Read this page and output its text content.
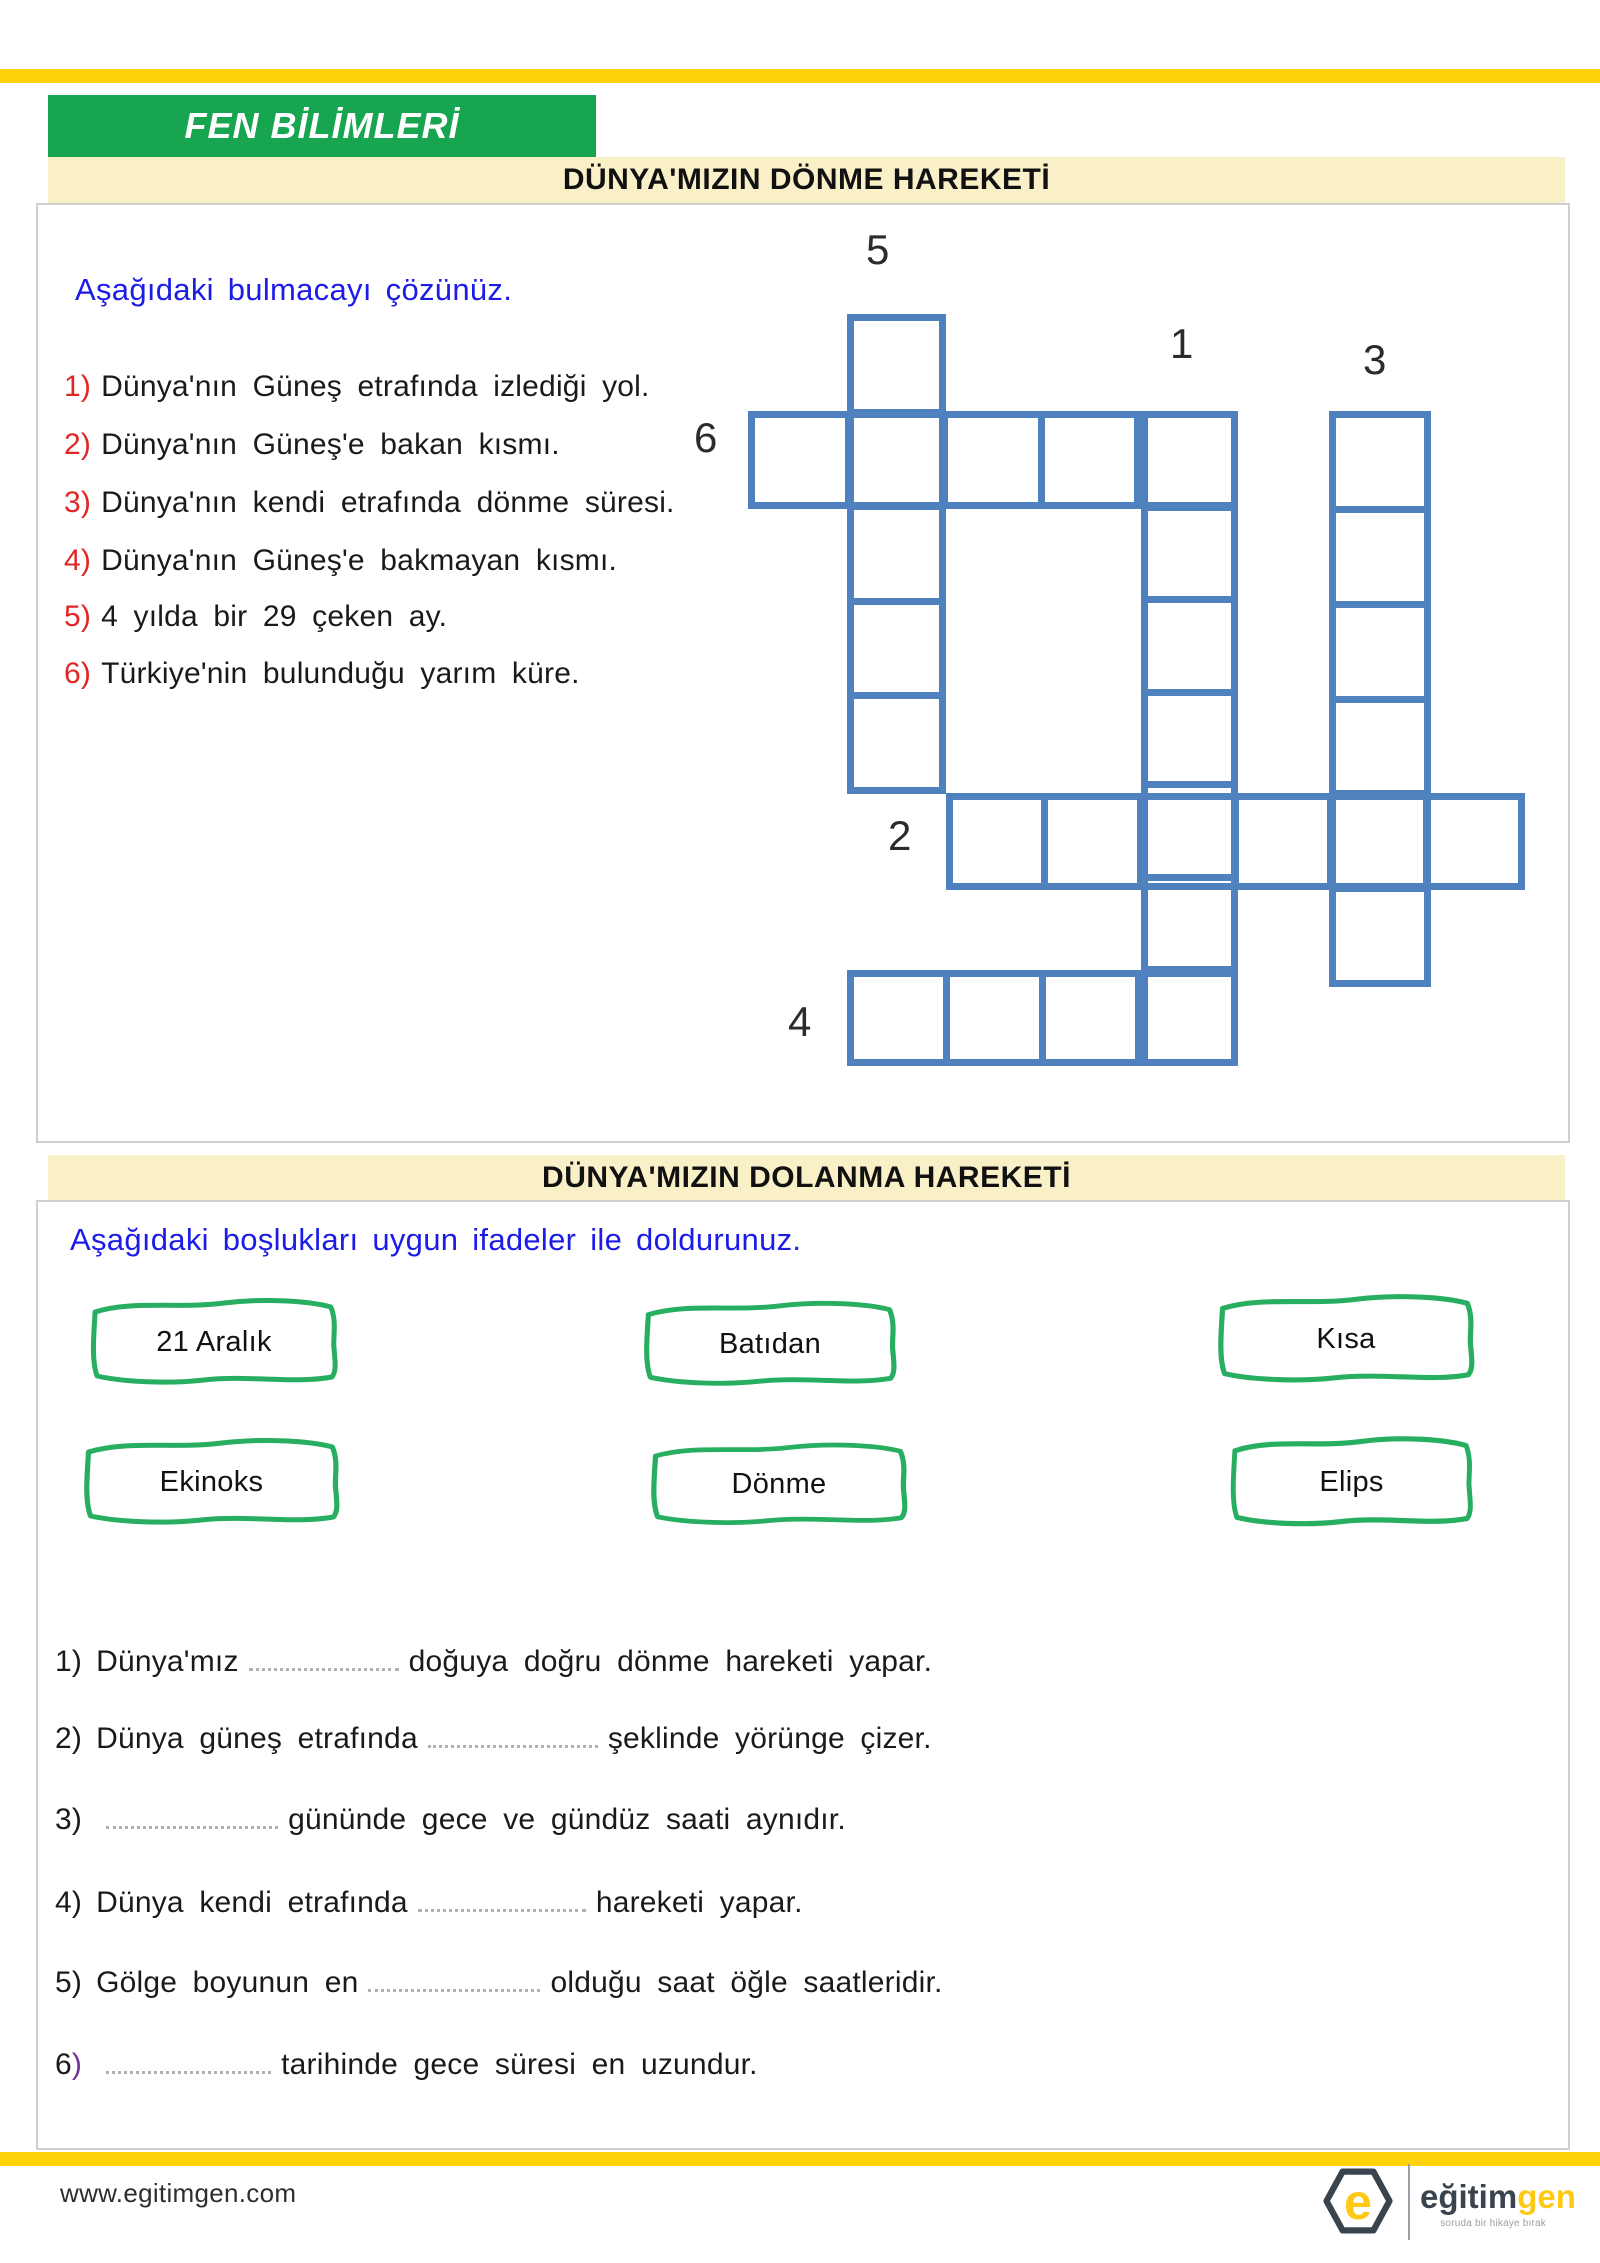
FEN BİLİMLERİ
DÜNYA'MIZIN DÖNME HAREKETİ
Aşağıdaki bulmacayı çözünüz.
1) Dünya'nın Güneş etrafında izlediği yol.
2) Dünya'nın Güneş'e bakan kısmı.
3) Dünya'nın kendi etrafında dönme süresi.
4) Dünya'nın Güneş'e bakmayan kısmı.
5) 4 yılda bir 29 çeken ay.
6) Türkiye'nin bulunduğu yarım küre.
5
1	3
6
2
4
DÜNYA'MIZIN DOLANMA HAREKETİ
Aşağıdaki boşlukları uygun ifadeler ile doldurunuz.
21 Aralık	Batıdan	Kısa
Ekinoks	Dönme	Elips
1) Dünya'mız	doğuya doğru dönme hareketi yapar.
2) Dünya güneş etrafında	şeklinde yörünge çizer.
3)	gününde gece ve gündüz saati aynıdır.
4) Dünya kendi etrafında	hareketi yapar.
5) Gölge boyunun en	olduğu saat öğle saatleridir.
6)	tarihinde gece süresi en uzundur.
www.egitimgen.com	e eğitimgen
soruda bir hikaye bırak
